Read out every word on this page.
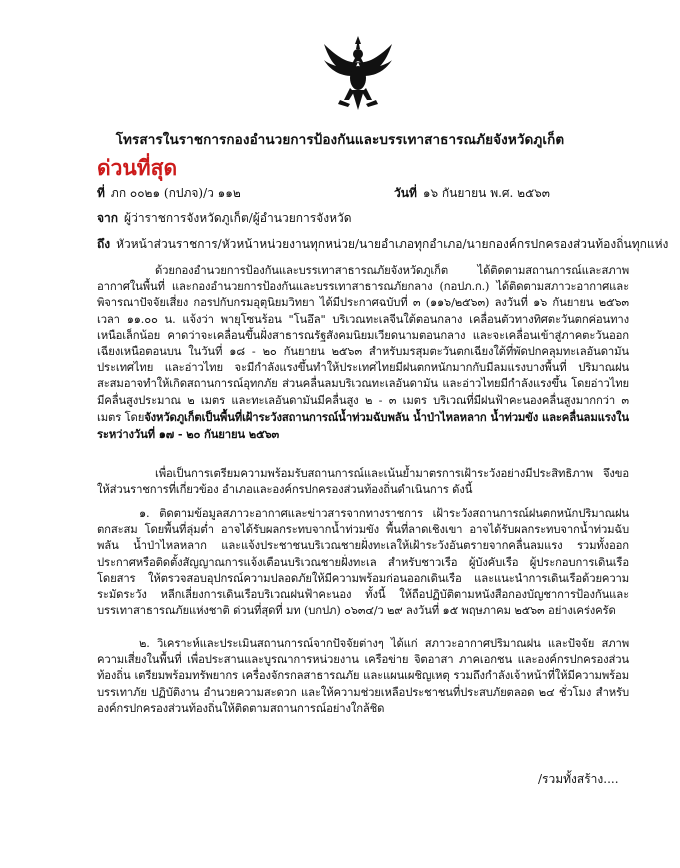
โทรสารในราชการกองอำนวยการป้องกันและบรรเทาสาธารณภัยจังหวัดภูเก็ต
ด่วนที่สุด
ที่ ภก ๐๐๒๑ (กปภจ)/ว ๑๑๒	วันที่ ๑๖ กันยายน พ.ศ. ๒๕๖๓
จาก ผู้ว่าราชการจังหวัดภูเก็ต/ผู้อำนวยการจังหวัด
ถึง หัวหน้าส่วนราชการ/หัวหน้าหน่วยงานทุกหน่วย/นายอำเภอทุกอำเภอ/นายกองค์กรปกครองส่วนท้องถิ่นทุกแห่ง
ด้วยกองอำนวยการป้องกันและบรรเทาสาธารณภัยจังหวัดภูเก็ต ได้ติดตามสถานการณ์และสภาพอากาศในพื้นที่ และกองอำนวยการป้องกันและบรรเทาสาธารณภัยกลาง (กอปภ.ก.) ได้ติดตามสภาวะอากาศและพิจารณาปัจจัยเสี่ยง กอรปกับกรมอุตุนิยมวิทยา ได้มีประกาศฉบับที่ ๓ (๑๑๖/๒๕๖๓) ลงวันที่ ๑๖ กันยายน ๒๕๖๓ เวลา ๑๑.๐๐ น. แจ้งว่า พายุโซนร้อน "โนอึล" บริเวณทะเลจีนใต้ตอนกลาง เคลื่อนตัวทางทิศตะวันตกค่อนทางเหนือเล็กน้อย คาดว่าจะเคลื่อนขึ้นฝั่งสาธารณรัฐสังคมนิยมเวียดนามตอนกลาง และจะเคลื่อนเข้าสู่ภาคตะวันออกเฉียงเหนือตอนบน ในวันที่ ๑๘ - ๒๐ กันยายน ๒๕๖๓ สำหรับมรสุมตะวันตกเฉียงใต้ที่พัดปกคลุมทะเลอันดามัน ประเทศไทย และอ่าวไทย จะมีกำลังแรงขึ้นทำให้ประเทศไทยมีฝนตกหนักมากกับมีลมแรงบางพื้นที่ ปริมาณฝนสะสมอาจทำให้เกิดสถานการณ์อุทกภัย ส่วนคลื่นลมบริเวณทะเลอันดามัน และอ่าวไทยมีกำลังแรงขึ้น โดยอ่าวไทยมีคลื่นสูงประมาณ ๒ เมตร และทะเลอันดามันมีคลื่นสูง ๒ - ๓ เมตร บริเวณที่มีฝนฟ้าคะนองคลื่นสูงมากกว่า ๓ เมตร โดยจังหวัดภูเก็ตเป็นพื้นที่เฝ้าระวังสถานการณ์น้ำท่วมฉับพลัน น้ำป่าไหลหลาก น้ำท่วมขัง และคลื่นลมแรงในระหว่างวันที่ ๑๗ - ๒๐ กันยายน ๒๕๖๓
เพื่อเป็นการเตรียมความพร้อมรับสถานการณ์และเน้นย้ำมาตรการเฝ้าระวังอย่างมีประสิทธิภาพ จึงขอให้ส่วนราชการที่เกี่ยวข้อง อำเภอและองค์กรปกครองส่วนท้องถิ่นดำเนินการ ดังนี้
๑. ติดตามข้อมูลสภาวะอากาศและข่าวสารจากทางราชการ เฝ้าระวังสถานการณ์ฝนตกหนักปริมาณฝนตกสะสม โดยพื้นที่ลุ่มต่ำ อาจได้รับผลกระทบจากน้ำท่วมขัง พื้นที่ลาดเชิงเขา อาจได้รับผลกระทบจากน้ำท่วมฉับพลัน น้ำป่าไหลหลาก และแจ้งประชาชนบริเวณชายฝั่งทะเลให้เฝ้าระวังอันตรายจากคลื่นลมแรง รวมทั้งออกประกาศหรือติดตั้งสัญญาณการแจ้งเตือนบริเวณชายฝั่งทะเล สำหรับชาวเรือ ผู้บังคับเรือ ผู้ประกอบการเดินเรือโดยสาร ให้ตรวจสอบอุปกรณ์ความปลอดภัยให้มีความพร้อมก่อนออกเดินเรือ และแนะนำการเดินเรือด้วยความระมัดระวัง หลีกเลี่ยงการเดินเรือบริเวณฝนฟ้าคะนอง ทั้งนี้ ให้ถือปฏิบัติตามหนังสือกองบัญชาการป้องกันและบรรเทาสาธารณภัยแห่งชาติ ด่วนที่สุดที่ มท (บกปภ) ๐๖๓๔/ว ๒๙ ลงวันที่ ๑๕ พฤษภาคม ๒๕๖๓ อย่างเคร่งครัด
๒. วิเคราะห์และประเมินสถานการณ์จากปัจจัยต่างๆ ได้แก่ สภาวะอากาศปริมาณฝน และปัจจัย สภาพความเสี่ยงในพื้นที่ เพื่อประสานและบูรณาการหน่วยงาน เครือข่าย จิตอาสา ภาคเอกชน และองค์กรปกครองส่วนท้องถิ่น เตรียมพร้อมทรัพยากร เครื่องจักรกลสาธารณภัย และแผนเผชิญเหตุ รวมถึงกำลังเจ้าหน้าที่ให้มีความพร้อมบรรเทาภัย ปฏิบัติงาน อำนวยความสะดวก และให้ความช่วยเหลือประชาชนที่ประสบภัยตลอด ๒๔ ชั่วโมง สำหรับองค์กรปกครองส่วนท้องถิ่นให้ติดตามสถานการณ์อย่างใกล้ชิด
/รวมทั้งสร้าง....
